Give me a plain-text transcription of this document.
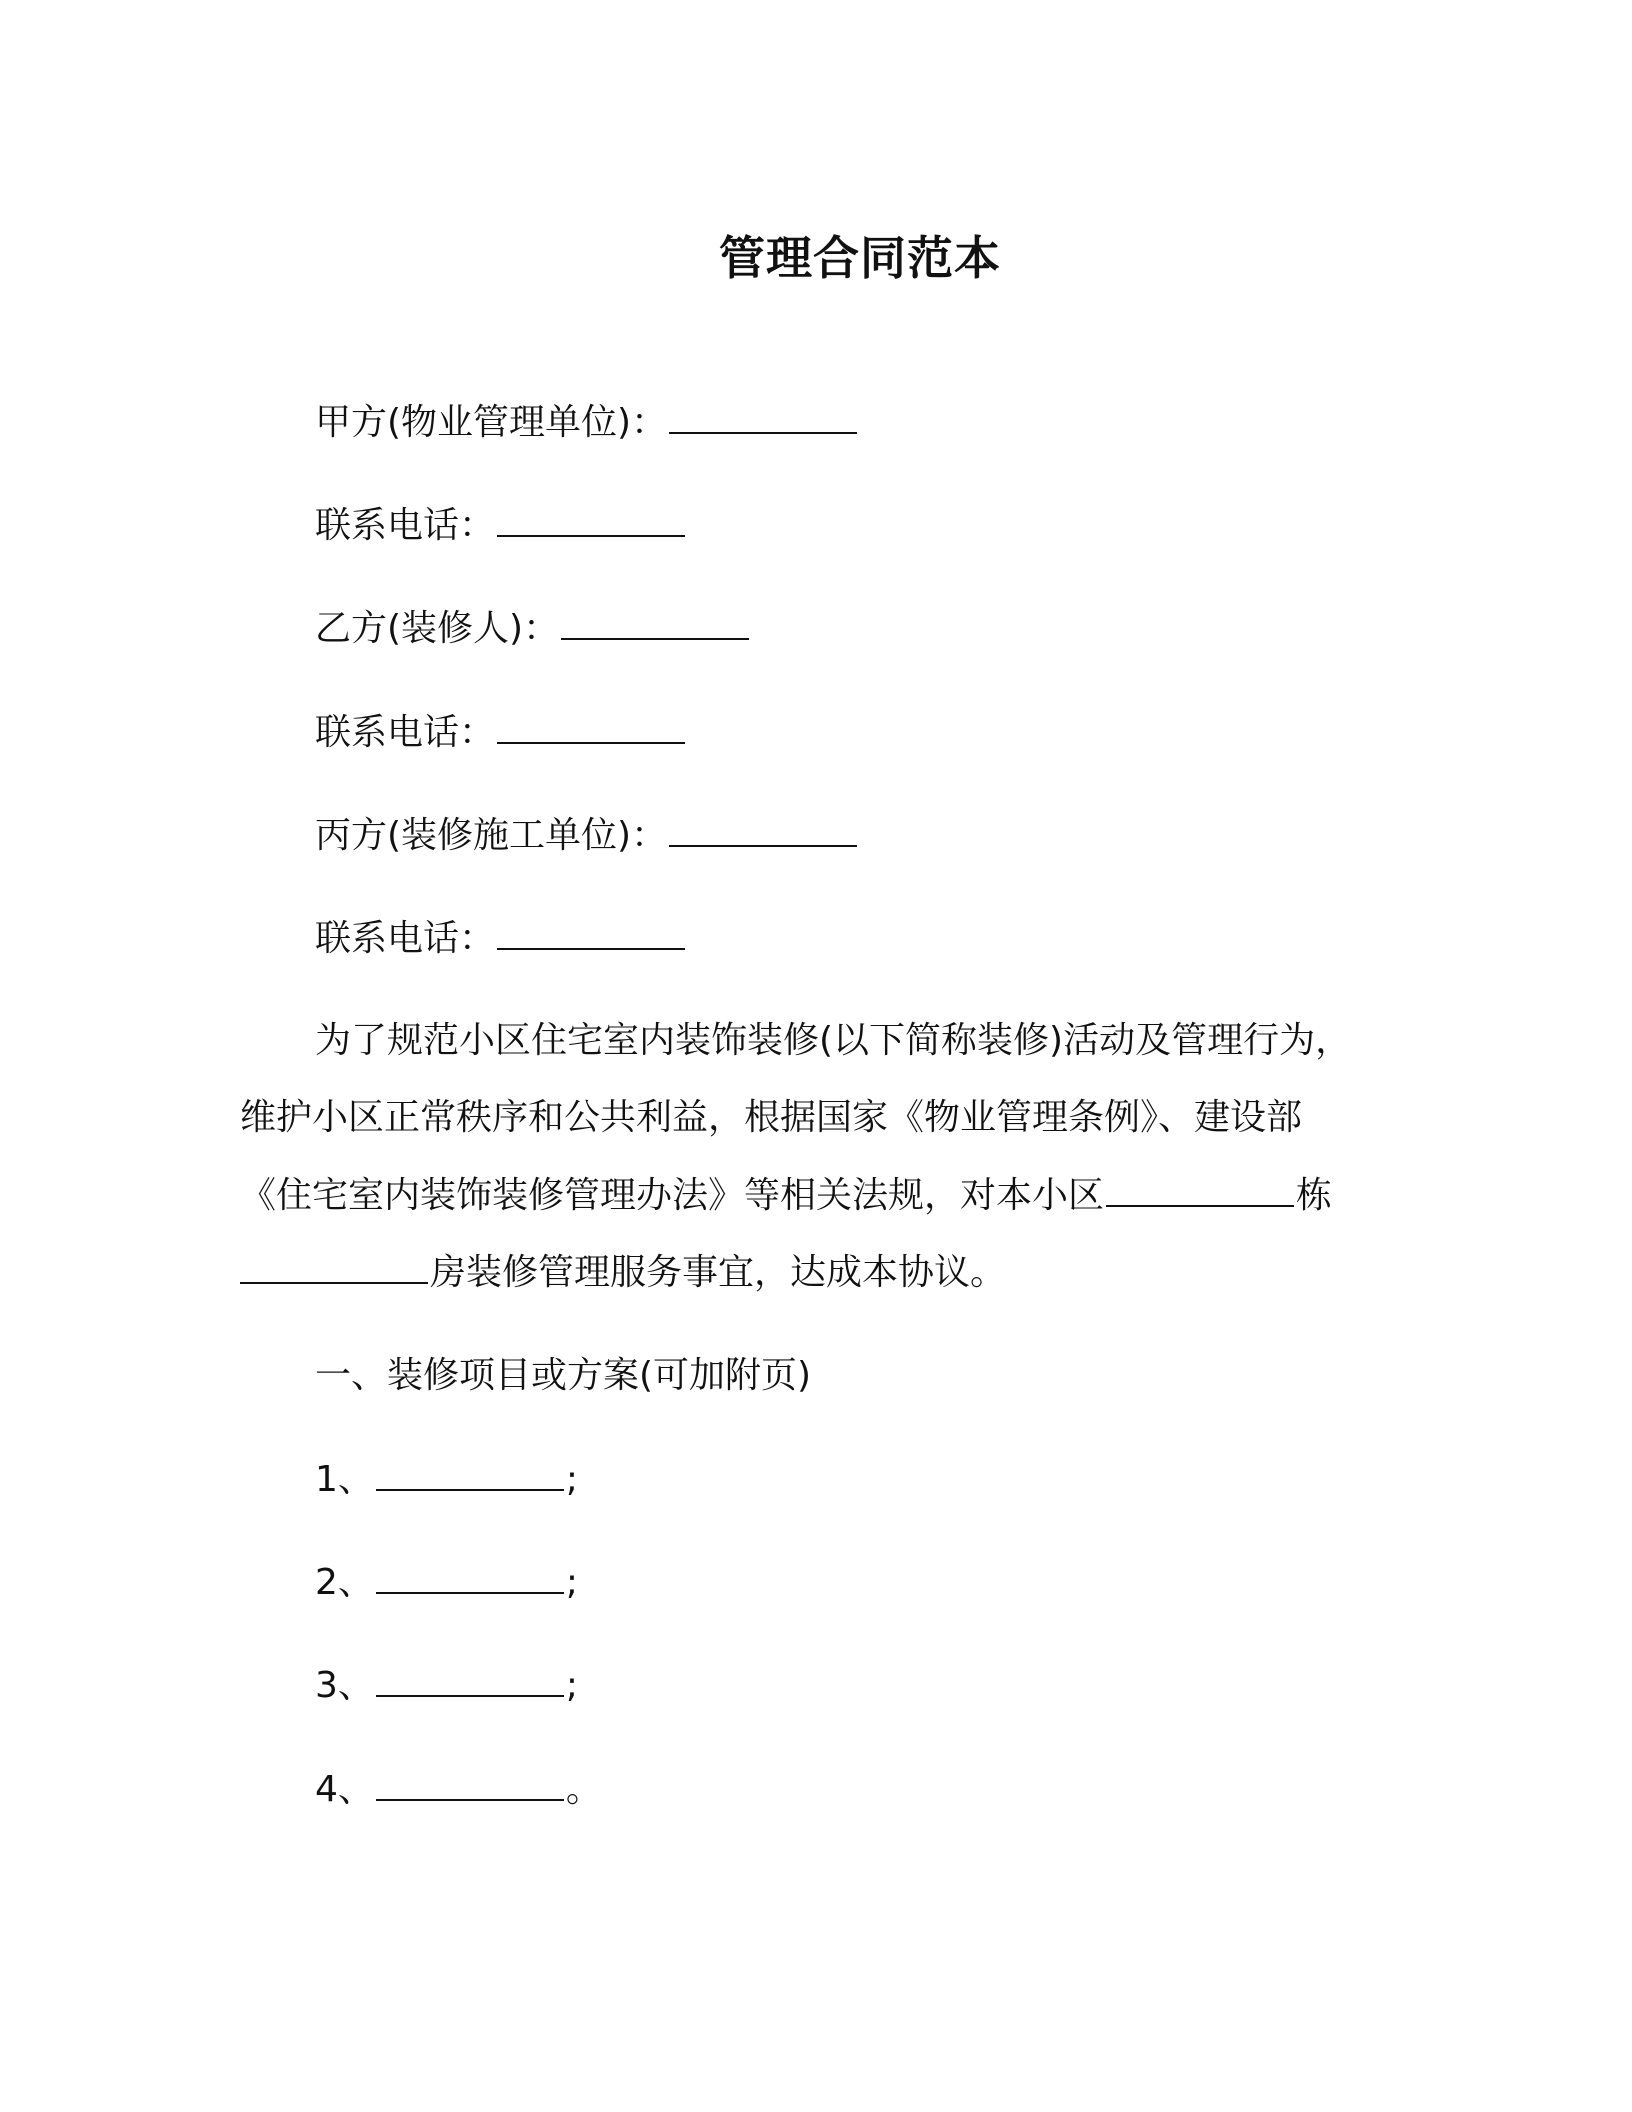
管理合同范本
甲方(物业管理单位)：
联系电话：
乙方(装修人)：
联系电话：
丙方(装修施工单位)：
联系电话：
为了规范小区住宅室内装饰装修(以下简称装修)活动及管理行为，
维护小区正常秩序和公共利益，根据国家《物业管理条例》、建设部
《住宅室内装饰装修管理办法》等相关法规，对本小区	栋
房装修管理服务事宜，达成本协议。
一、装修项目或方案(可加附页)
1、	;
2、	;
3、	;
4、	。
